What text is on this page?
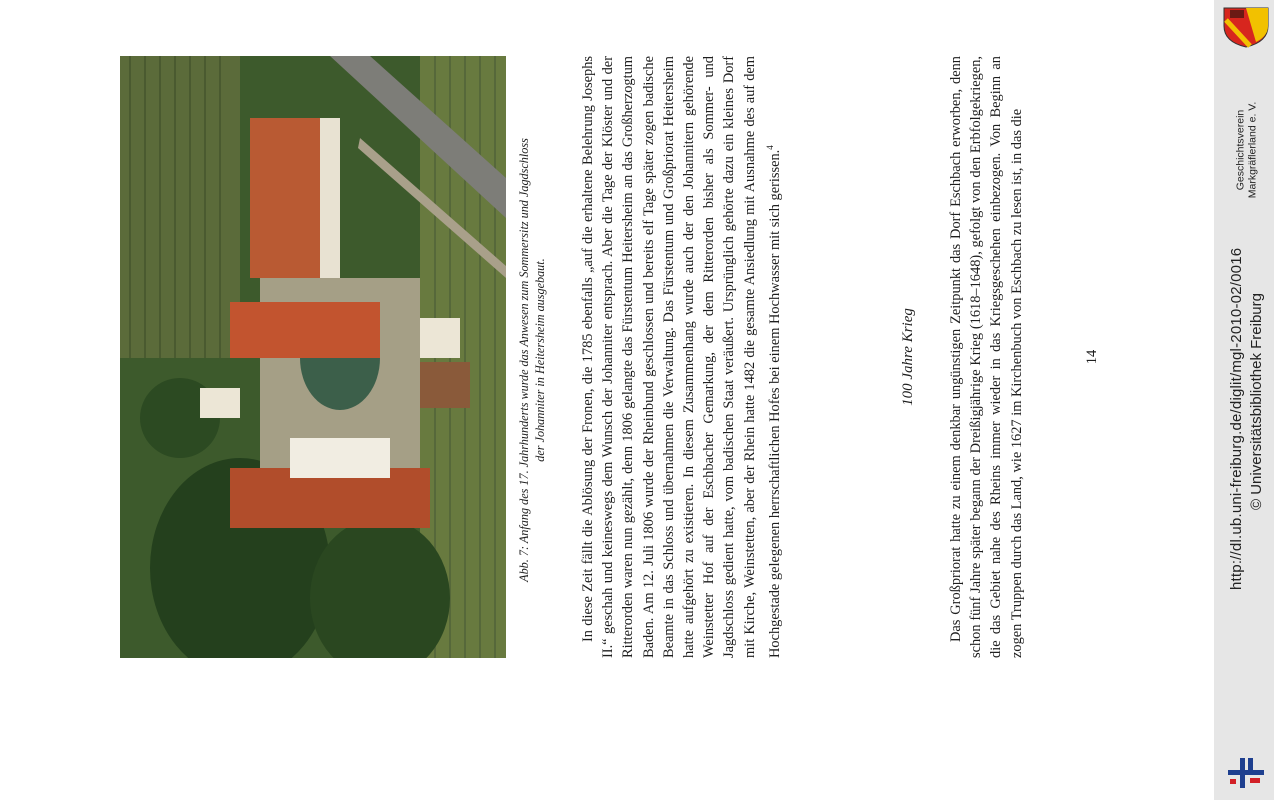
Abb. 7: Anfang des 17. Jahrhunderts wurde das Anwesen zum Sommersitz und Jagdschloss der Johanniter in Heitersheim ausgebaut. In diese Zeit fällt die Ablösung der Fronen, die 1785 ebenfalls „auf die erhaltene Belehrung Josephs II.“ geschah und keineswegs dem Wunsch der Johanniter entsprach. Aber die Tage der Klöster und der Ritterorden waren nun gezählt, denn 1806 gelangte das Fürstentum Heitersheim an das Großherzogtum Baden. Am 12. Juli 1806 wurde der Rheinbund geschlossen und bereits elf Tage später zogen badische Beamte in das Schloss und übernahmen die Verwaltung. Das Fürstentum und Großpriorat Heitersheim hatte aufgehört zu existieren. In diesem Zusammenhang wurde auch der den Johannitern gehörende Weinstetter Hof auf der Eschbacher Gemarkung, der dem Ritterorden bisher als Sommer- und Jagdschloss gedient hatte, vom badischen Staat veräußert. Ursprünglich gehörte dazu ein kleines Dorf mit Kirche, Weinstetten, aber der Rhein hatte 1482 die gesamte Ansiedlung mit Ausnahme des auf dem Hochgestade gelegenen herrschaftlichen Hofes bei einem Hochwasser mit sich gerissen.$^4$

100 Jahre Krieg Das Großpriorat hatte zu einem denkbar ungünstigen Zeitpunkt das Dorf Eschbach erworben, denn schon fünf Jahre später begann der Dreißigjährige Krieg (1618–1648), gefolgt von den Erbfolgekriegen, die das Gebiet nahe des Rheins immer wieder in das Kriegsgeschehen einbezogen. Von Beginn an zogen Truppen durch das Land, wie 1627 im Kirchenbuch von Eschbach zu lesen ist, in das die	14
Geschichtsverein Markgräflerland e. V.
http://dl.ub.uni-freiburg.de/diglit/mgl-2010-02/0016 © Universitätsbibliothek Freiburg
